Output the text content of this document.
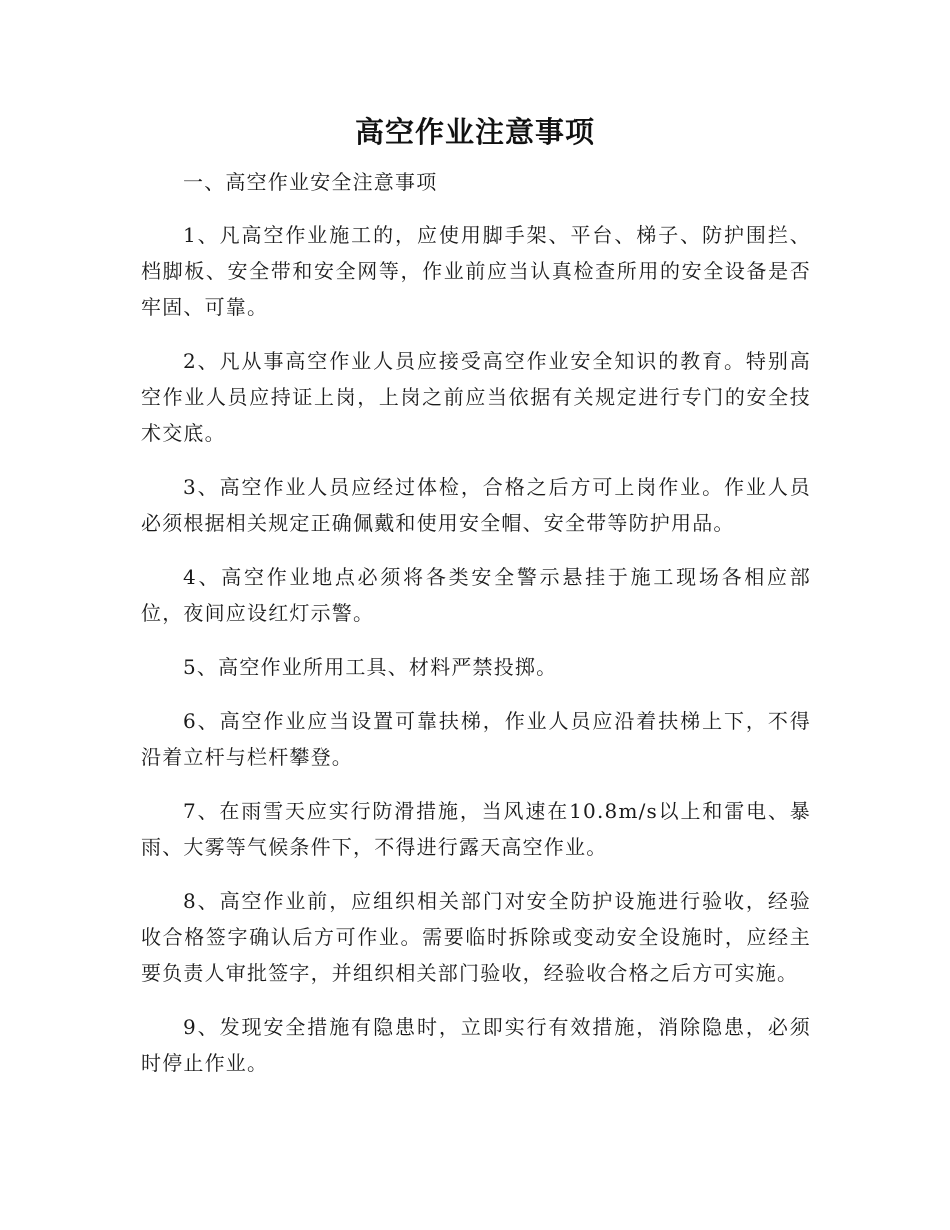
高空作业注意事项

一、高空作业安全注意事项

1、凡高空作业施工的，应使用脚手架、平台、梯子、防护围拦、档脚板、安全带和安全网等，作业前应当认真检查所用的安全设备是否牢固、可靠。

2、凡从事高空作业人员应接受高空作业安全知识的教育。特别高空作业人员应持证上岗，上岗之前应当依据有关规定进行专门的安全技术交底。

3、高空作业人员应经过体检，合格之后方可上岗作业。作业人员必须根据相关规定正确佩戴和使用安全帽、安全带等防护用品。

4、高空作业地点必须将各类安全警示悬挂于施工现场各相应部位，夜间应设红灯示警。

5、高空作业所用工具、材料严禁投掷。

6、高空作业应当设置可靠扶梯，作业人员应沿着扶梯上下，不得沿着立杆与栏杆攀登。

7、在雨雪天应实行防滑措施，当风速在10.8m/s以上和雷电、暴雨、大雾等气候条件下，不得进行露天高空作业。

8、高空作业前，应组织相关部门对安全防护设施进行验收，经验收合格签字确认后方可作业。需要临时拆除或变动安全设施时，应经主要负责人审批签字，并组织相关部门验收，经验收合格之后方可实施。

9、发现安全措施有隐患时，立即实行有效措施，消除隐患，必须时停止作业。
